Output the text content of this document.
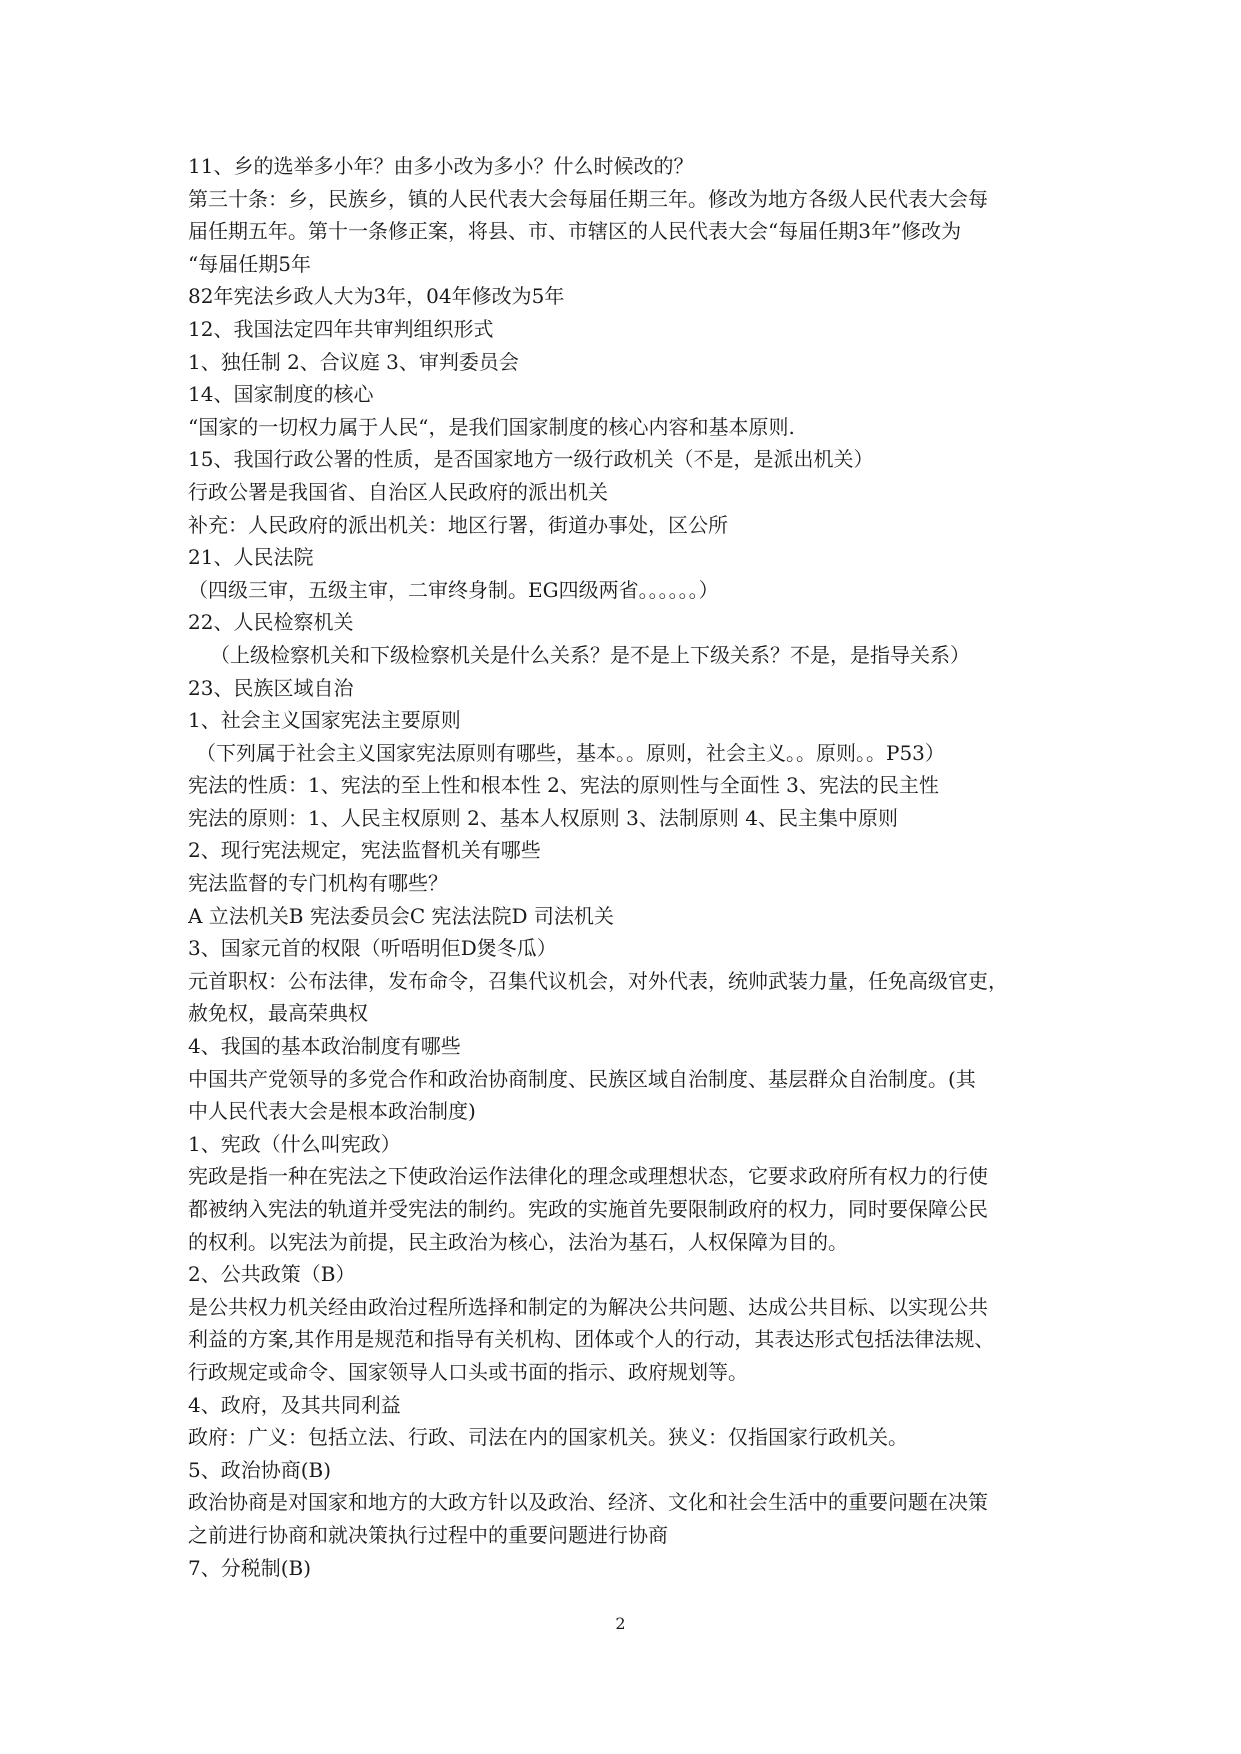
11、乡的选举多小年？由多小改为多小？什么时候改的？
第三十条：乡，民族乡，镇的人民代表大会每届任期三年。修改为地方各级人民代表大会每
届任期五年。第十一条修正案，将县、市、市辖区的人民代表大会“每届任期3年”修改为
“每届任期5年
82年宪法乡政人大为3年，04年修改为5年
12、我国法定四年共审判组织形式
1、独任制 2、合议庭 3、审判委员会
14、国家制度的核心
“国家的一切权力属于人民“，是我们国家制度的核心内容和基本原则.
15、我国行政公署的性质，是否国家地方一级行政机关（不是，是派出机关）
行政公署是我国省、自治区人民政府的派出机关
补充：人民政府的派出机关：地区行署，街道办事处，区公所
21、人民法院
（四级三审，五级主审，二审终身制。EG四级两省。。。。。。）
22、人民检察机关
（上级检察机关和下级检察机关是什么关系？是不是上下级关系？不是，是指导关系）
23、民族区域自治
1、社会主义国家宪法主要原则
（下列属于社会主义国家宪法原则有哪些，基本。。原则，社会主义。。原则。。P53）
宪法的性质：1、宪法的至上性和根本性 2、宪法的原则性与全面性 3、宪法的民主性
宪法的原则：1、人民主权原则 2、基本人权原则 3、法制原则 4、民主集中原则
2、现行宪法规定，宪法监督机关有哪些
宪法监督的专门机构有哪些？
A 立法机关B 宪法委员会C 宪法法院D 司法机关
3、国家元首的权限（听唔明佢D煲冬瓜）
元首职权：公布法律，发布命令，召集代议机会，对外代表，统帅武装力量，任免高级官吏，
赦免权，最高荣典权
4、我国的基本政治制度有哪些
中国共产党领导的多党合作和政治协商制度、民族区域自治制度、基层群众自治制度。(其
中人民代表大会是根本政治制度)
1、宪政（什么叫宪政）
宪政是指一种在宪法之下使政治运作法律化的理念或理想状态，它要求政府所有权力的行使
都被纳入宪法的轨道并受宪法的制约。宪政的实施首先要限制政府的权力，同时要保障公民
的权利。以宪法为前提，民主政治为核心，法治为基石，人权保障为目的。
2、公共政策（B）
是公共权力机关经由政治过程所选择和制定的为解决公共问题、达成公共目标、以实现公共
利益的方案,其作用是规范和指导有关机构、团体或个人的行动，其表达形式包括法律法规、
行政规定或命令、国家领导人口头或书面的指示、政府规划等。
4、政府，及其共同利益
政府：广义：包括立法、行政、司法在内的国家机关。狭义：仅指国家行政机关。
5、政治协商(B)
政治协商是对国家和地方的大政方针以及政治、经济、文化和社会生活中的重要问题在决策
之前进行协商和就决策执行过程中的重要问题进行协商
7、分税制(B)
2
